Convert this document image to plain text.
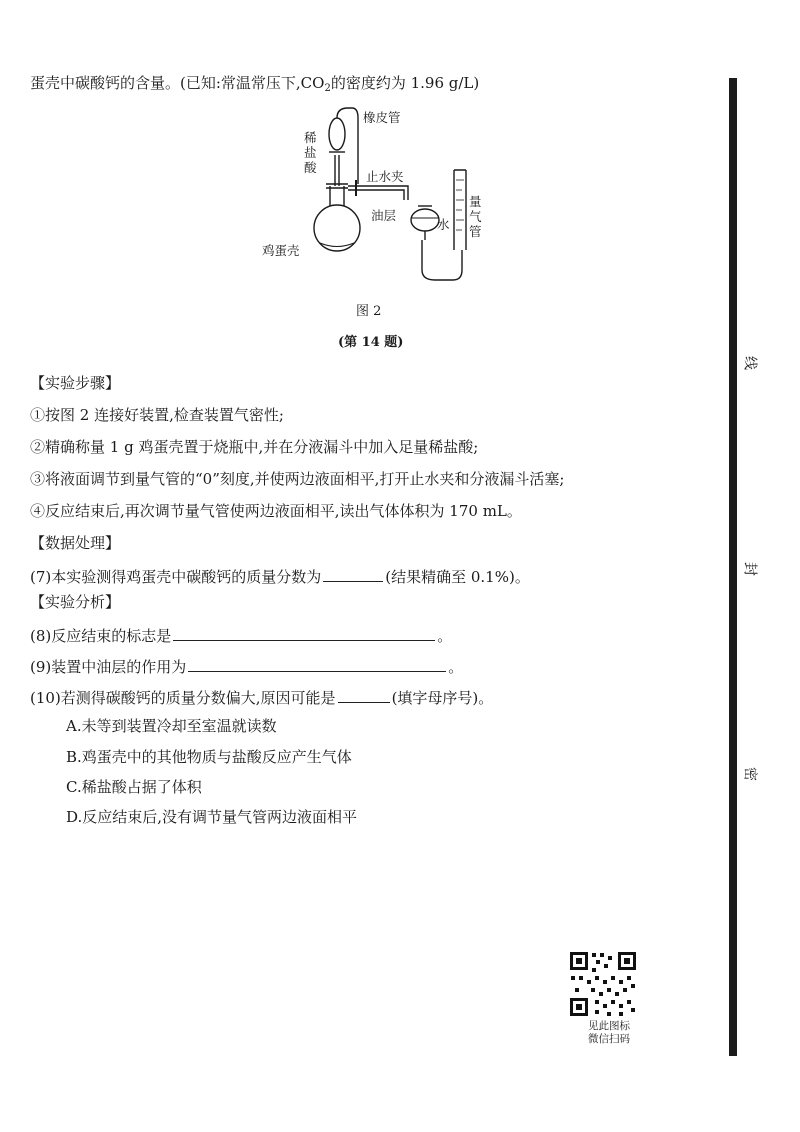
蛋壳中碳酸钙的含量。(已知:常温常压下$,CO_2$的密度约为 1.96 g/L)
橡皮管
稀
盐
酸
止水夹
油层
水
量
气
管
鸡蛋壳
图 2
(第 14 题)
【实验步骤】
①按图 2 连接好装置,检查装置气密性;
②精确称量 1 g 鸡蛋壳置于烧瓶中,并在分液漏斗中加入足量稀盐酸;
③将液面调节到量气管的“0”刻度,并使两边液面相平,打开止水夹和分液漏斗活塞;
④反应结束后,再次调节量气管使两边液面相平,读出气体体积为 170 mL。
【数据处理】
(7)本实验测得鸡蛋壳中碳酸钙的质量分数为	(结果精确至 0.1%)。
【实验分析】
(8)反应结束的标志是	。
(9)装置中油层的作用为	。
(10)若测得碳酸钙的质量分数偏大,原因可能是	(填字母序号)。
A.未等到装置冷却至室温就读数
B.鸡蛋壳中的其他物质与盐酸反应产生气体
C.稀盐酸占据了体积
D.反应结束后,没有调节量气管两边液面相平
线
封
密
见此图标
微信扫码
